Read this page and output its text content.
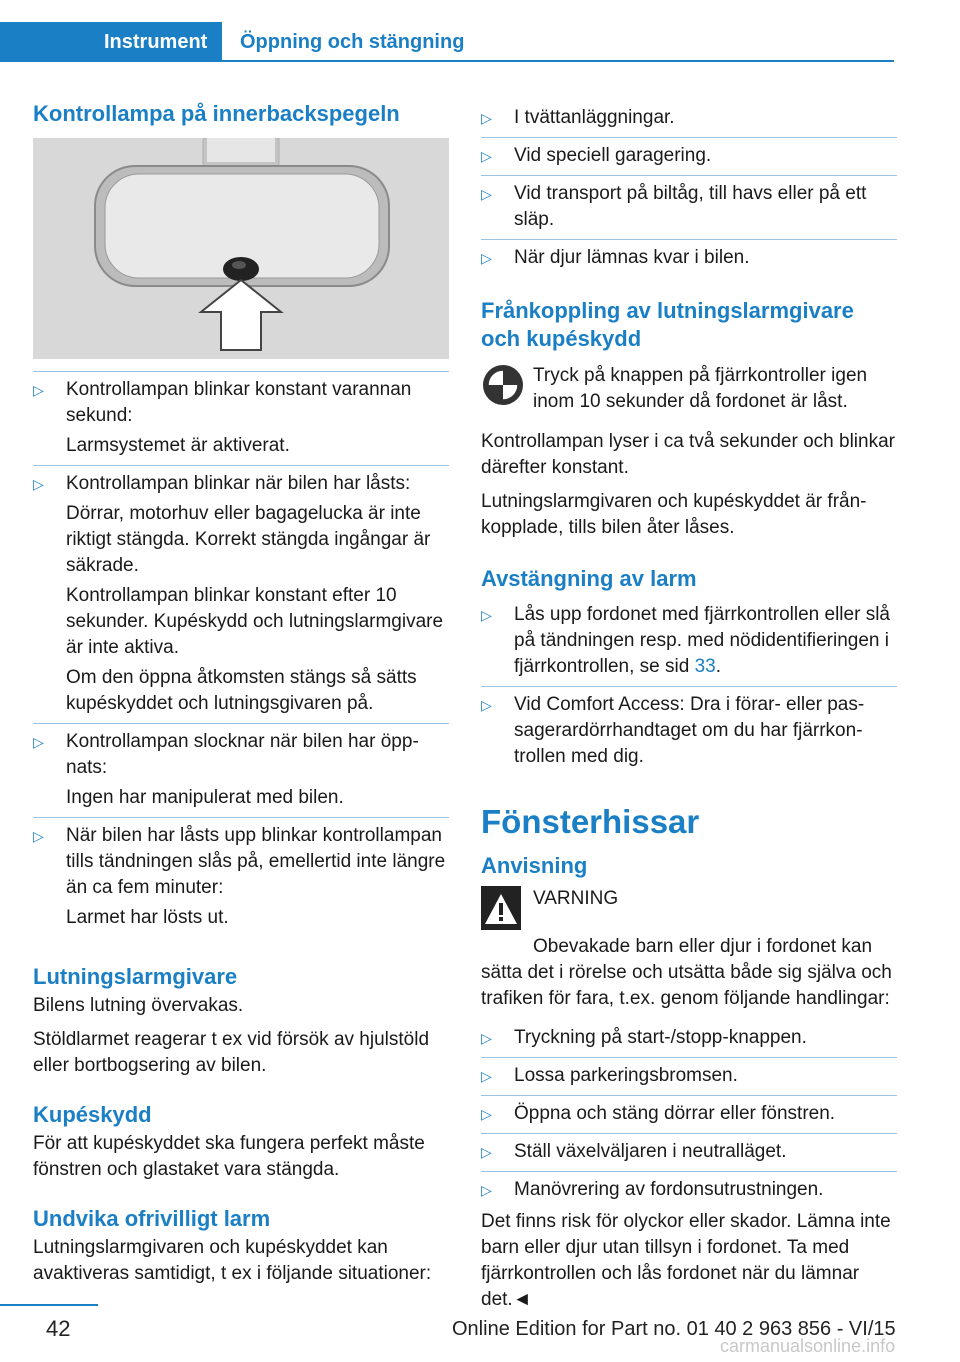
Instrument	Öppning och stängning
Kontrollampa på innerbackspegeln
▷	Kontrollampan blinkar konstant varannan sekund:

Larmsystemet är aktiverat.

▷	Kontrollampan blinkar när bilen har låsts:

Dörrar, motorhuv eller bagagelucka är inte riktigt stängda. Korrekt stängda ingångar är säkrade.

Kontrollampan blinkar konstant efter 10 sekunder. Kupéskydd och lutningslarmgivare är inte aktiva.

Om den öppna åtkomsten stängs så sätts kupéskyddet och lutningsgivaren på.

▷	Kontrollampan slocknar när bilen har öppnats:

Ingen har manipulerat med bilen.

▷	När bilen har låsts upp blinkar kontrollampan tills tändningen slås på, emellertid inte längre än ca fem minuter:

Larmet har lösts ut.

Lutningslarmgivare

Bilens lutning övervakas.

Stöldlarmet reagerar t ex vid försök av hjulstöld eller bortbogsering av bilen.

Kupéskydd

För att kupéskyddet ska fungera perfekt måste fönstren och glastaket vara stängda.

Undvika ofrivilligt larm

Lutningslarmgivaren och kupéskyddet kan avaktiveras samtidigt, t ex i följande situationer:

▷	I tvättanläggningar.

▷	Vid speciell garagering.

▷	Vid transport på biltåg, till havs eller på ett släp.

▷	När djur lämnas kvar i bilen.

Frånkoppling av lutningslarmgivare och kupéskydd

Tryck på knappen på fjärrkontroller igen inom 10 sekunder då fordonet är låst.

Kontrollampan lyser i ca två sekunder och blinkar därefter konstant.

Lutningslarmgivaren och kupéskyddet är frånkopplade, tills bilen åter låses.

Avstängning av larm
▷	Lås upp fordonet med fjärrkontrollen eller slå på tändningen resp. med nödidentifieringen i fjärrkontrollen, se sid 33.

▷	Vid Comfort Access: Dra i förar- eller passagerardörrhandtaget om du har fjärrkontrollen med dig.

Fönsterhissar
Anvisning

VARNING

Obevakade barn eller djur i fordonet kan sätta det i rörelse och utsätta både sig själva och trafiken för fara, t.ex. genom följande handlingar:

▷	Tryckning på start-/stopp-knappen.

▷	Lossa parkeringsbromsen.

▷	Öppna och stäng dörrar eller fönstren.

▷	Ställ växelväljaren i neutralläget.

▷	Manövrering av fordonsutrustningen.

Det finns risk för olyckor eller skador. Lämna inte barn eller djur utan tillsyn i fordonet. Ta med fjärrkontrollen och lås fordonet när du lämnar det.◄

42	Online Edition for Part no. 01 40 2 963 856 - VI/15
carmanualsonline.info
